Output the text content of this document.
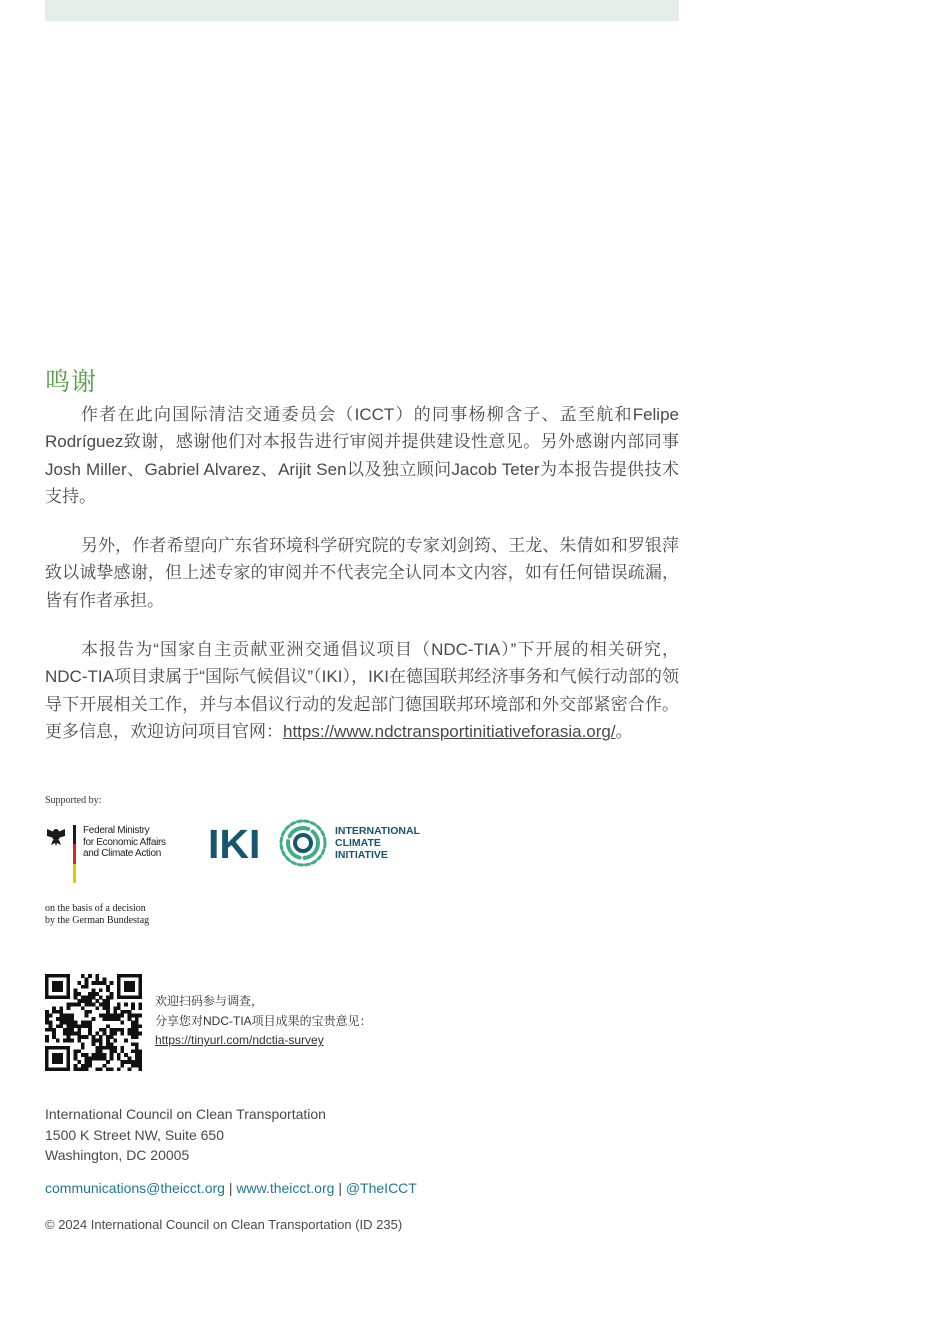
鸣谢

作者在此向国际清洁交通委员会（ICCT）的同事杨柳含子、孟至航和Felipe Rodríguez致谢，感谢他们对本报告进行审阅并提供建设性意见。另外感谢内部同事Josh Miller、Gabriel Alvarez、Arijit Sen以及独立顾问Jacob Teter为本报告提供技术支持。

另外，作者希望向广东省环境科学研究院的专家刘剑筠、王龙、朱倩如和罗银萍致以诚挚感谢，但上述专家的审阅并不代表完全认同本文内容，如有任何错误疏漏，皆有作者承担。

本报告为“国家自主贡献亚洲交通倡议项目（NDC-TIA）”下开展的相关研究，NDC-TIA项目隶属于“国际气候倡议”（IKI），IKI在德国联邦经济事务和气候行动部的领导下开展相关工作，并与本倡议行动的发起部门德国联邦环境部和外交部紧密合作。更多信息，欢迎访问项目官网：https://www.ndctransportinitiativeforasia.org/。

Supported by:
Federal Ministry
for Economic Affairs
and Climate Action
on the basis of a decision
by the German Bundestag
IKI	INTERNATIONAL
CLIMATE
INITIATIVE
欢迎扫码参与调查，
分享您对NDC-TIA项目成果的宝贵意见：
https://tinyurl.com/ndctia-survey
International Council on Clean Transportation
1500 K Street NW, Suite 650
Washington, DC 20005
communications@theicct.org | www.theicct.org | @TheICCT
© 2024 International Council on Clean Transportation (ID 235)
